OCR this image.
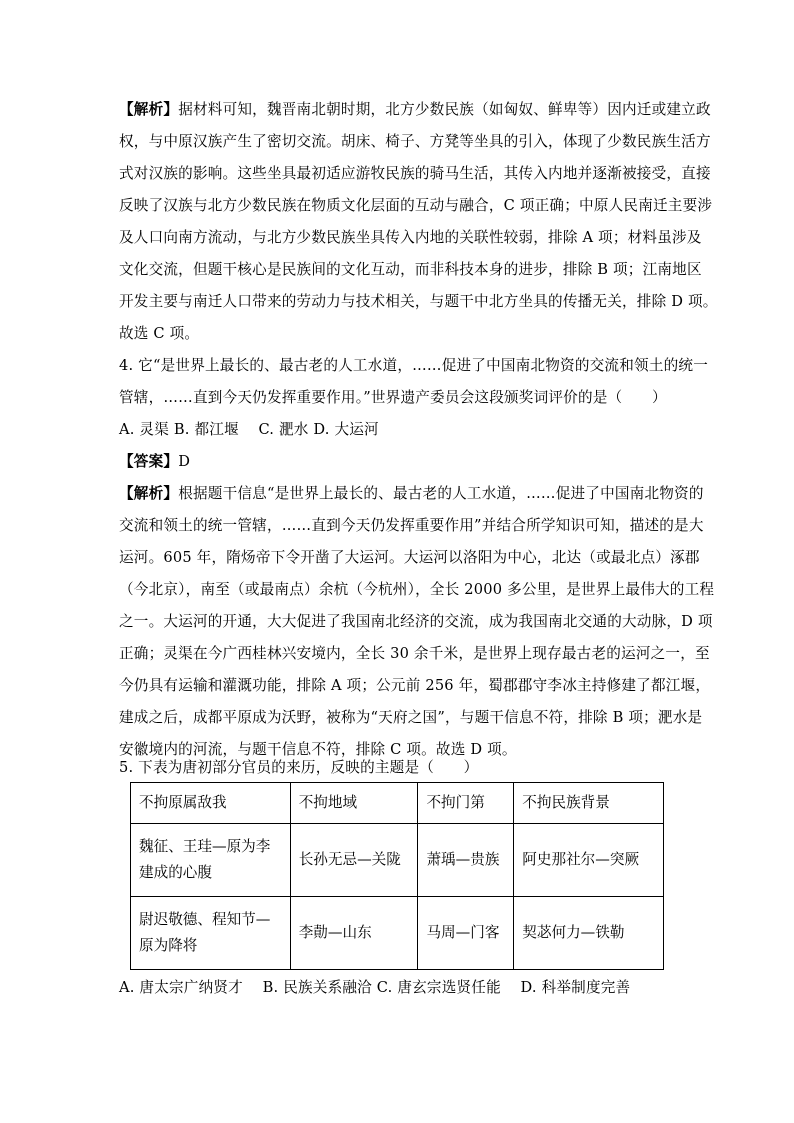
【解析】据材料可知，魏晋南北朝时期，北方少数民族（如匈奴、鲜卑等）因内迁或建立政
权，与中原汉族产生了密切交流。胡床、椅子、方凳等坐具的引入，体现了少数民族生活方
式对汉族的影响。这些坐具最初适应游牧民族的骑马生活，其传入内地并逐渐被接受，直接
反映了汉族与北方少数民族在物质文化层面的互动与融合，C 项正确；中原人民南迁主要涉
及人口向南方流动，与北方少数民族坐具传入内地的关联性较弱，排除 A 项；材料虽涉及
文化交流，但题干核心是民族间的文化互动，而非科技本身的进步，排除 B 项；江南地区
开发主要与南迁人口带来的劳动力与技术相关，与题干中北方坐具的传播无关，排除 D 项。
故选 C 项。
4. 它“是世界上最长的、最古老的人工水道，……促进了中国南北物资的交流和领土的统一
管辖，……直到今天仍发挥重要作用。”世界遗产委员会这段颁奖词评价的是（　　）
A. 灵渠 B. 都江堰　 C. 淝水 D. 大运河
【答案】D
【解析】根据题干信息“是世界上最长的、最古老的人工水道，……促进了中国南北物资的
交流和领土的统一管辖，……直到今天仍发挥重要作用”并结合所学知识可知，描述的是大
运河。605 年，隋炀帝下令开凿了大运河。大运河以洛阳为中心，北达（或最北点）涿郡
（今北京），南至（或最南点）余杭（今杭州），全长 2000 多公里，是世界上最伟大的工程
之一。大运河的开通，大大促进了我国南北经济的交流，成为我国南北交通的大动脉，D 项
正确；灵渠在今广西桂林兴安境内，全长 30 余千米，是世界上现存最古老的运河之一，至
今仍具有运输和灌溉功能，排除 A 项；公元前 256 年，蜀郡郡守李冰主持修建了都江堰，
建成之后，成都平原成为沃野，被称为“天府之国”，与题干信息不符，排除 B 项；淝水是
安徽境内的河流，与题干信息不符，排除 C 项。故选 D 项。
5. 下表为唐初部分官员的来历，反映的主题是（　　）
不拘原属敌我	不拘地域	不拘门第	不拘民族背景
魏征、王珪—原为李建成的心腹	长孙无忌—关陇	萧瑀—贵族	阿史那社尔—突厥
尉迟敬德、程知节—原为降将	李勣—山东	马周—门客	契苾何力—铁勒
A. 唐太宗广纳贤才　 B. 民族关系融洽 C. 唐玄宗选贤任能　 D. 科举制度完善
